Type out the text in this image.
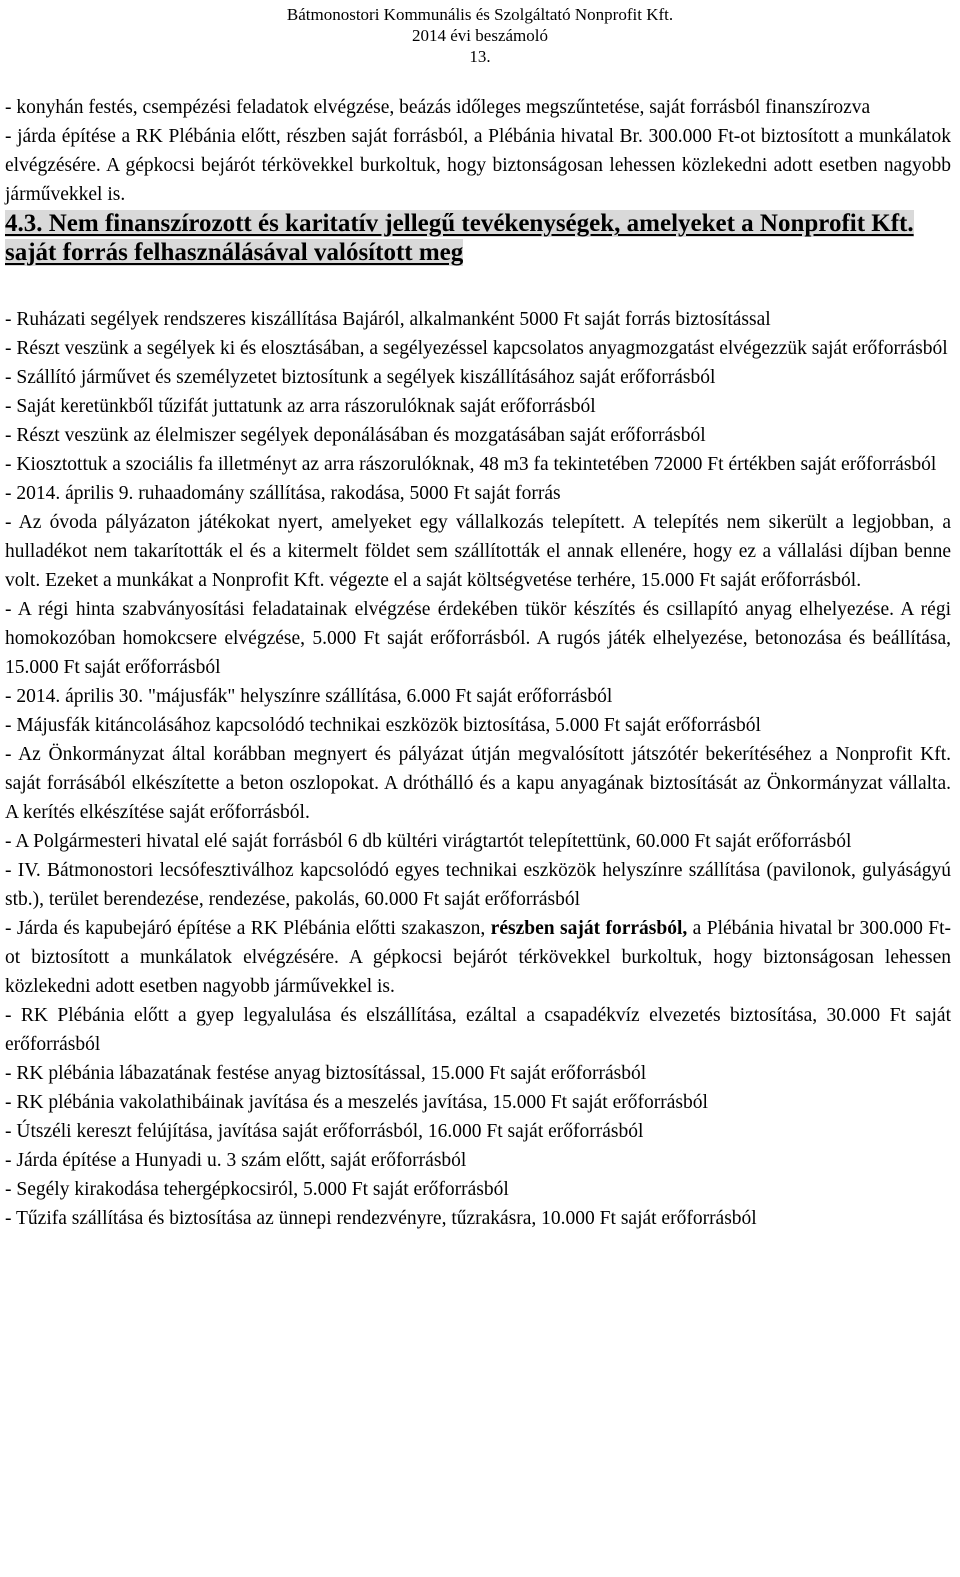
Bátmonostori Kommunális és Szolgáltató Nonprofit Kft.
2014 évi beszámoló
13.

- konyhán festés, csempézési feladatok elvégzése, beázás időleges megszűntetése, saját forrásból finanszírozva

- járda építése a RK Plébánia előtt, részben saját forrásból, a Plébánia hivatal Br. 300.000 Ft-ot biztosított a munkálatok elvégzésére. A gépkocsi bejárót térkövekkel burkoltuk, hogy biztonságosan lehessen közlekedni adott esetben nagyobb járművekkel is.

4.3. Nem finanszírozott és karitatív jellegű tevékenységek, amelyeket a Nonprofit Kft. saját forrás felhasználásával valósított meg

- Ruházati segélyek rendszeres kiszállítása Bajáról, alkalmanként 5000 Ft saját forrás biztosítással

- Részt veszünk a segélyek ki és elosztásában, a segélyezéssel kapcsolatos anyagmozgatást elvégezzük saját erőforrásból

- Szállító járművet és személyzetet biztosítunk a segélyek kiszállításához saját erőforrásból

- Saját keretünkből tűzifát juttatunk az arra rászorulóknak saját erőforrásból

- Részt veszünk az élelmiszer segélyek deponálásában és mozgatásában saját erőforrásból

- Kiosztottuk a szociális fa illetményt az arra rászorulóknak, 48 m3 fa tekintetében 72000 Ft értékben saját erőforrásból

- 2014. április 9. ruhaadomány szállítása, rakodása, 5000 Ft saját forrás

- Az óvoda pályázaton játékokat nyert, amelyeket egy vállalkozás telepített. A telepítés nem sikerült a legjobban, a hulladékot nem takarították el és a kitermelt földet sem szállították el annak ellenére, hogy ez a vállalási díjban benne volt. Ezeket a munkákat a Nonprofit Kft. végezte el a saját költségvetése terhére, 15.000 Ft saját erőforrásból.

- A régi hinta szabványosítási feladatainak elvégzése érdekében tükör készítés és csillapító anyag elhelyezése. A régi homokozóban homokcsere elvégzése, 5.000 Ft saját erőforrásból. A rugós játék elhelyezése, betonozása és beállítása, 15.000 Ft saját erőforrásból

- 2014. április 30. "májusfák" helyszínre szállítása, 6.000 Ft saját erőforrásból

- Májusfák kitáncolásához kapcsolódó technikai eszközök biztosítása, 5.000 Ft saját erőforrásból

- Az Önkormányzat által korábban megnyert és pályázat útján megvalósított játszótér bekerítéséhez a Nonprofit Kft. saját forrásából elkészítette a beton oszlopokat. A dróthálló és a kapu anyagának biztosítását az Önkormányzat vállalta. A kerítés elkészítése saját erőforrásból.

- A Polgármesteri hivatal elé saját forrásból 6 db kültéri virágtartót telepítettünk, 60.000 Ft saját erőforrásból

- IV. Bátmonostori lecsófesztiválhoz kapcsolódó egyes technikai eszközök helyszínre szállítása (pavilonok, gulyáságyú stb.), terület berendezése, rendezése, pakolás, 60.000 Ft saját erőforrásból

- Járda és kapubejáró építése a RK Plébánia előtti szakaszon, részben saját forrásból, a Plébánia hivatal br 300.000 Ft-ot biztosított a munkálatok elvégzésére. A gépkocsi bejárót térkövekkel burkoltuk, hogy biztonságosan lehessen közlekedni adott esetben nagyobb járművekkel is.

- RK Plébánia előtt a gyep legyalulása és elszállítása, ezáltal a csapadékvíz elvezetés biztosítása, 30.000 Ft saját erőforrásból

- RK plébánia lábazatának festése anyag biztosítással, 15.000 Ft saját erőforrásból

- RK plébánia vakolathibáinak javítása és a meszelés javítása, 15.000 Ft saját erőforrásból

- Útszéli kereszt felújítása, javítása saját erőforrásból, 16.000 Ft saját erőforrásból

- Járda építése a Hunyadi u. 3 szám előtt, saját erőforrásból

- Segély kirakodása tehergépkocsiról, 5.000 Ft saját erőforrásból

- Tűzifa szállítása és biztosítása az ünnepi rendezvényre, tűzrakásra, 10.000 Ft saját erőforrásból
